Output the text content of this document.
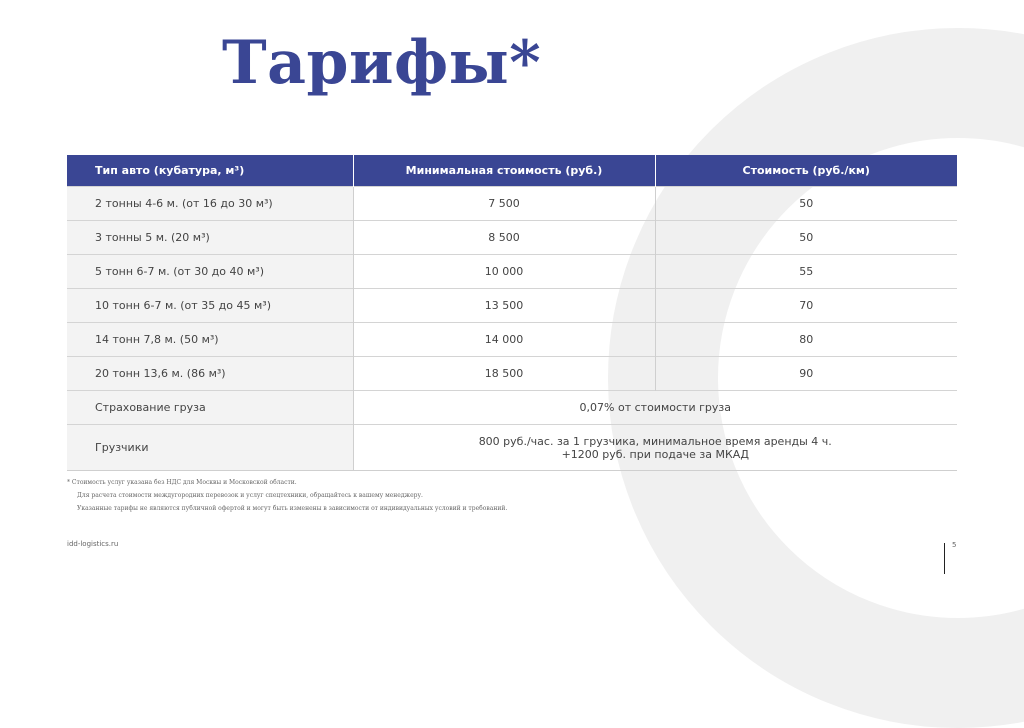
Тарифы*
Тип авто (кубатура, м³)	Минимальная стоимость (руб.)	Стоимость (руб./км)
2 тонны 4-6 м. (от 16 до 30 м³)	7 500	50
3 тонны 5 м. (20 м³)	8 500	50
5 тонн 6-7 м. (от 30 до 40 м³)	10 000	55
10 тонн 6-7 м. (от 35 до 45 м³)	13 500	70
14 тонн 7,8 м. (50 м³)	14 000	80
20 тонн 13,6 м. (86 м³)	18 500	90
Страхование груза	0,07% от стоимости груза	
Грузчики	800 руб./час. за 1 грузчика, минимальное время аренды 4 ч.
+1200 руб. при подаче за МКАД	

* Стоимость услуг указана без НДС для Москвы и Московской области.

Для расчета стоимости междугородних перевозок и услуг спецтехники, обращайтесь к вашему менеджеру.

Указанные тарифы не являются публичной офертой и могут быть изменены в зависимости от индивидуальных условий и требований.

idd-logistics.ru	5
